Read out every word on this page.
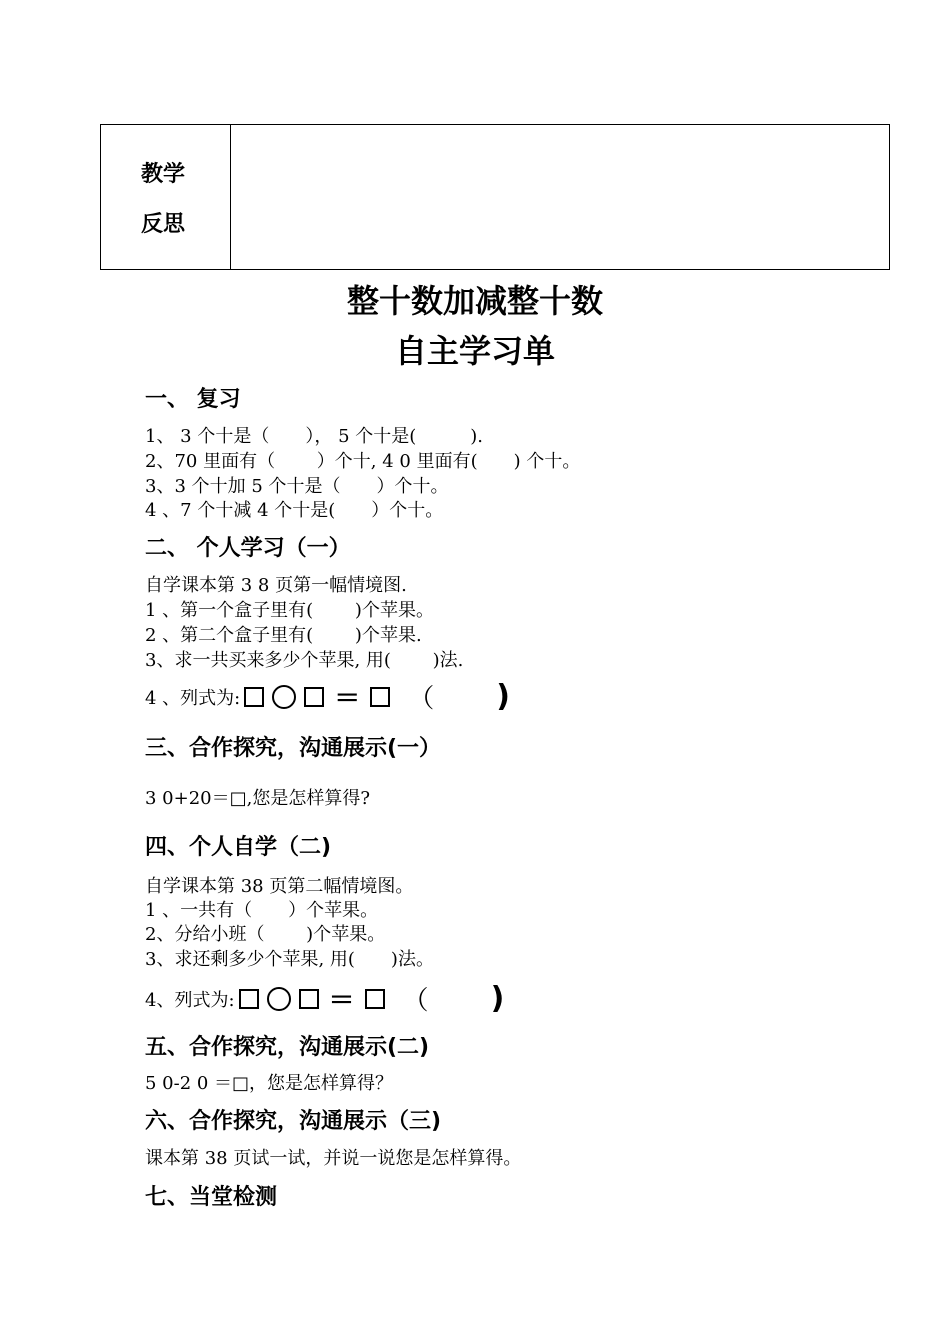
教学
反思
整十数加减整十数
自主学习单
一、 复习
1、 3 个十是（　　）， 5 个十是(　　　).
2、70 里面有（　　 ）个十, 4 0 里面有(　　) 个十。
3、3 个十加 5 个十是（　　）个十。
4 、7 个十减 4 个十是(　　）个十。
二、 个人学习（一）
自学课本第 3 8 页第一幅情境图.
1 、第一个盒子里有(　　 )个苹果。
2 、第二个盒子里有(　　 )个苹果.
3、求一共买来多少个苹果, 用(　　 )法.
4 、列式为:	＝ （ )
三、合作探究，沟通展示(一）
3 0+20＝□,您是怎样算得?
四、个人自学（二)
自学课本第 38 页第二幅情境图。
1 、一共有（　　）个苹果。
2、分给小班（　　 )个苹果。
3、求还剩多少个苹果, 用(　　)法。
4、列式为:	＝ （ )
五、合作探究，沟通展示(二)
5 0-2 0 ＝□，您是怎样算得？
六、合作探究，沟通展示（三)
课本第 38 页试一试，并说一说您是怎样算得。
七、当堂检测
